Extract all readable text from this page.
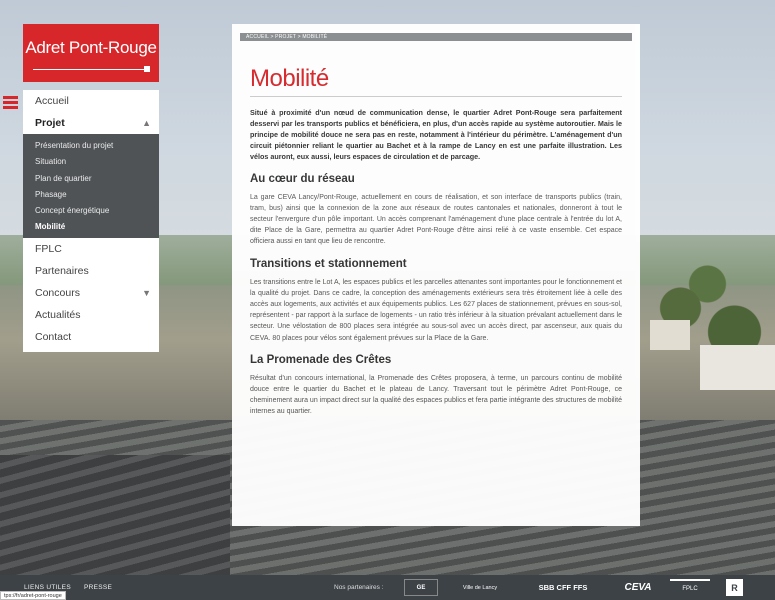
Adret Pont-Rouge
Accueil
Projet	▲
Présentation du projet
Situation
Plan de quartier
Phasage
Concept énergétique
Mobilité
FPLC
Partenaires
Concours	▼
Actualités
Contact
ACCUEIL > PROJET > MOBILITÉ
Mobilité

Situé à proximité d'un nœud de communication dense, le quartier Adret Pont-Rouge sera parfaitement desservi par les transports publics et bénéficiera, en plus, d'un accès rapide au système autoroutier. Mais le principe de mobilité douce ne sera pas en reste, notamment à l'intérieur du périmètre. L'aménagement d'un circuit piétonnier reliant le quartier au Bachet et à la rampe de Lancy en est une parfaite illustration. Les vélos auront, eux aussi, leurs espaces de circulation et de parcage.

Au cœur du réseau

La gare CEVA Lancy/Pont-Rouge, actuellement en cours de réalisation, et son interface de transports publics (train, tram, bus) ainsi que la connexion de la zone aux réseaux de routes cantonales et nationales, donneront à tout le secteur l'envergure d'un pôle important. Un accès comprenant l'aménagement d'une place centrale à l'entrée du lot A, dite Place de la Gare, permettra au quartier Adret Pont-Rouge d'être ainsi relié à ce vaste ensemble. Cet espace officiera aussi en tant que lieu de rencontre.

Transitions et stationnement

Les transitions entre le Lot A, les espaces publics et les parcelles attenantes sont importantes pour le fonctionnement et la qualité du projet. Dans ce cadre, la conception des aménagements extérieurs sera très étroitement liée à celle des accès aux logements, aux activités et aux équipements publics. Les 627 places de stationnement, prévues en sous-sol, représentent - par rapport à la surface de logements - un ratio très inférieur à la situation prévalant actuellement dans le secteur. Une vélostation de 800 places sera intégrée au sous-sol avec un accès direct, par ascenseur, aux quais du CEVA. 80 places pour vélos sont également prévues sur la Place de la Gare.

La Promenade des Crêtes

Résultat d'un concours international, la Promenade des Crêtes proposera, à terme, un parcours continu de mobilité douce entre le quartier du Bachet et le plateau de Lancy. Traversant tout le périmètre Adret Pont-Rouge, ce cheminement aura un impact direct sur la qualité des espaces publics et fera partie intégrante des structures de mobilité internes au quartier.

LIENS UTILES PRESSE	Nos partenaires :	GE	Ville de Lancy	SBB CFF FFS	CEVA	FPLC	R
tps://fr/adret-pont-rouge
